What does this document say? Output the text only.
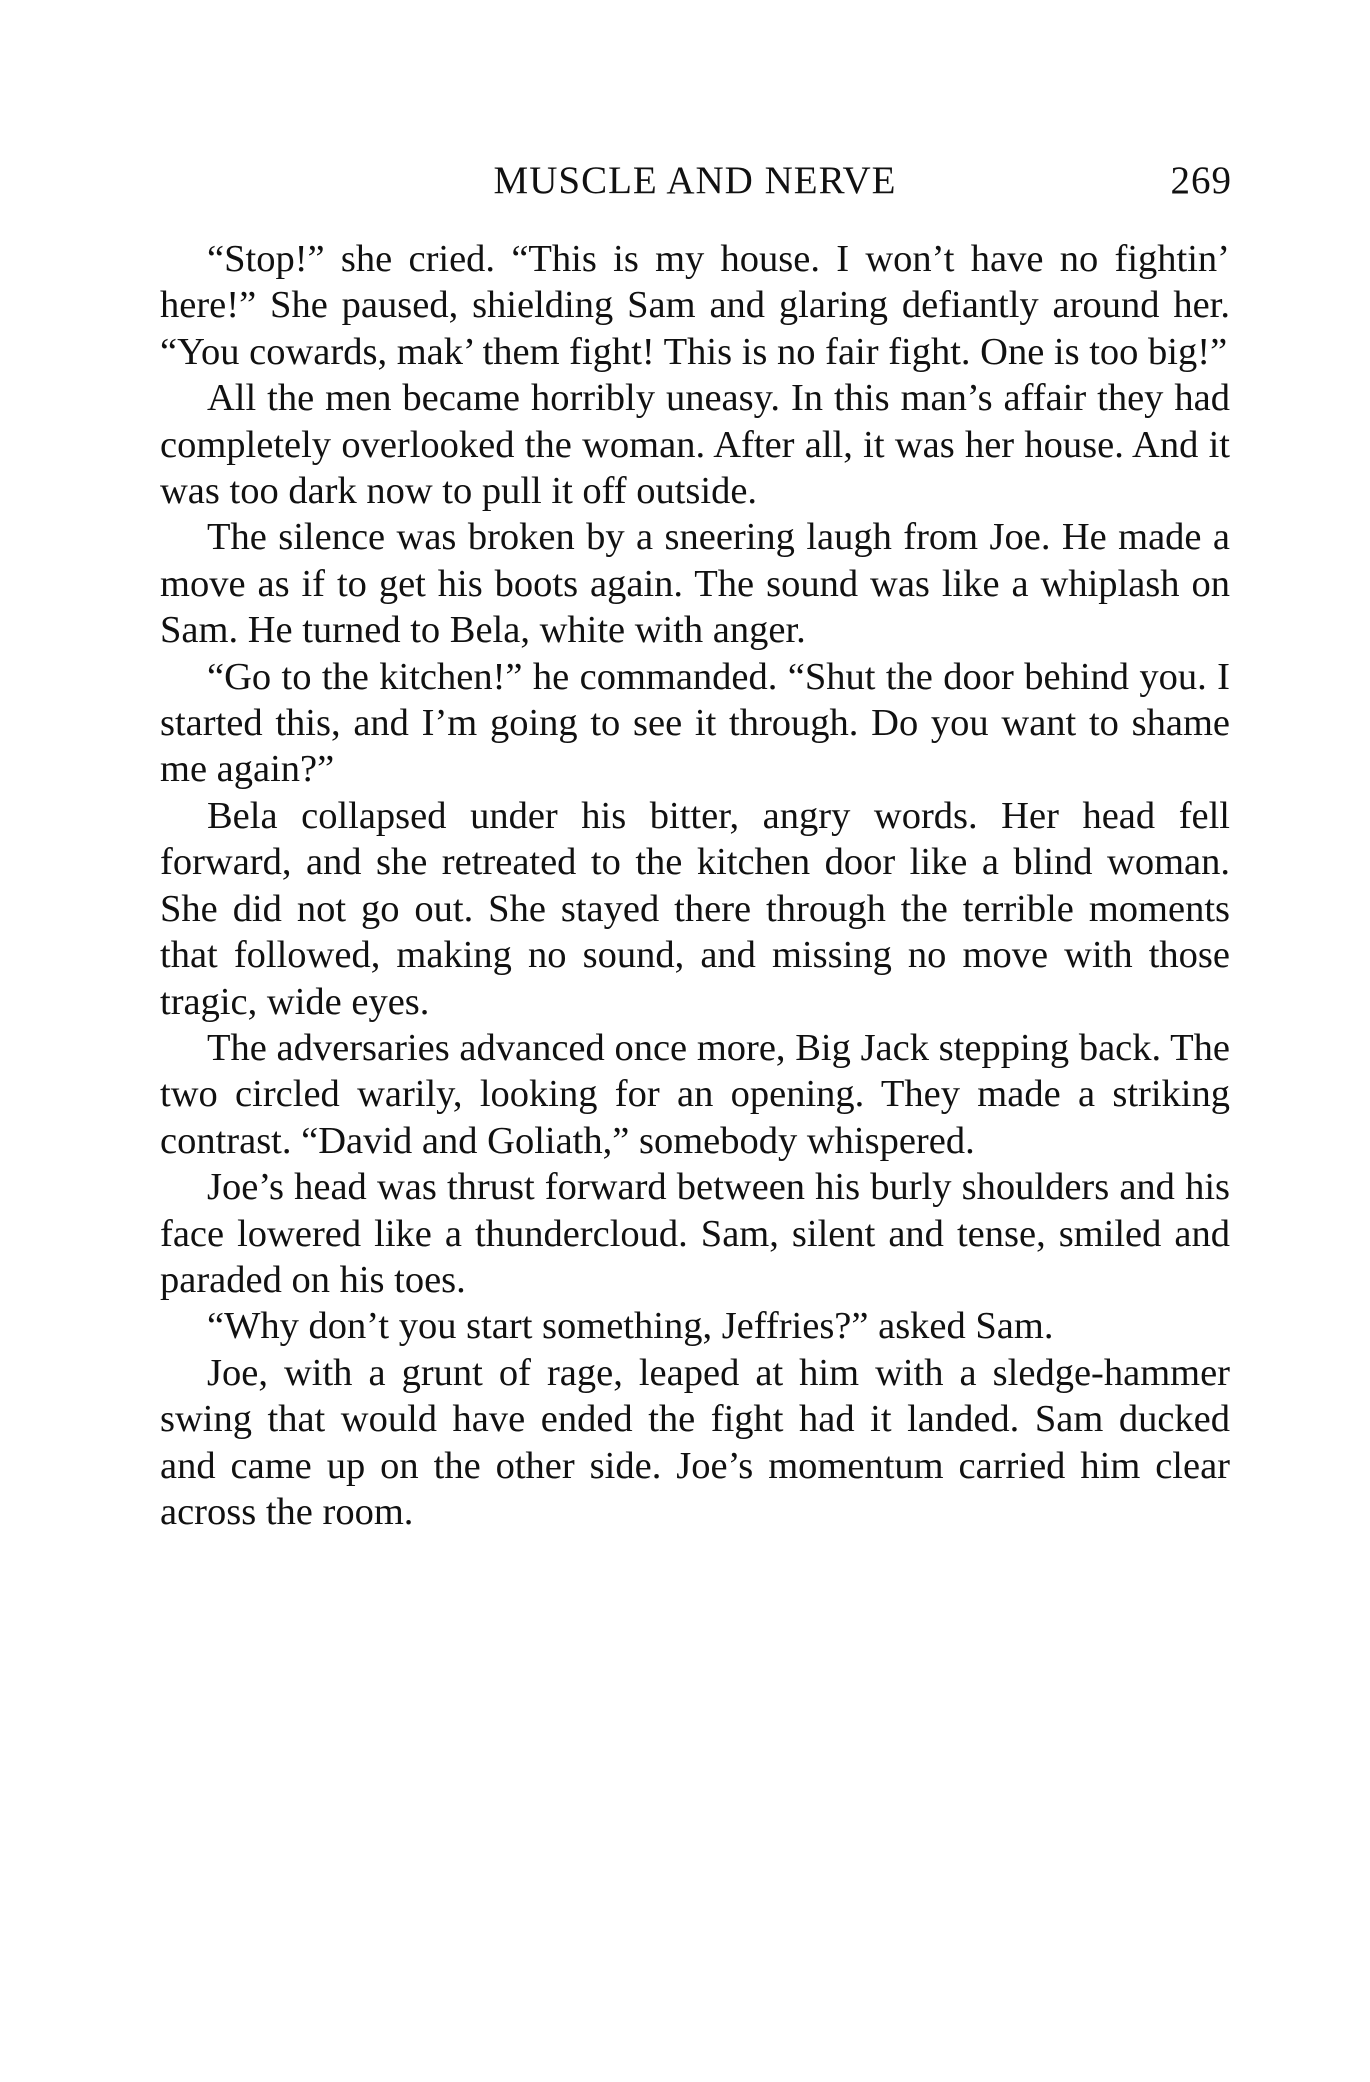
MUSCLE AND NERVE	269

“Stop!” she cried. “This is my house. I won’t have no fightin’ here!” She paused, shielding Sam and glaring defiantly around her. “You cowards, mak’ them fight! This is no fair fight. One is too big!”

All the men became horribly uneasy. In this man’s affair they had completely overlooked the woman. After all, it was her house. And it was too dark now to pull it off outside.

The silence was broken by a sneering laugh from Joe. He made a move as if to get his boots again. The sound was like a whiplash on Sam. He turned to Bela, white with anger.

“Go to the kitchen!” he commanded. “Shut the door behind you. I started this, and I’m going to see it through. Do you want to shame me again?”

Bela collapsed under his bitter, angry words. Her head fell forward, and she retreated to the kitchen door like a blind woman. She did not go out. She stayed there through the terrible moments that followed, making no sound, and missing no move with those tragic, wide eyes.

The adversaries advanced once more, Big Jack stepping back. The two circled warily, looking for an opening. They made a striking contrast. “David and Goliath,” somebody whispered.

Joe’s head was thrust forward between his burly shoulders and his face lowered like a thundercloud. Sam, silent and tense, smiled and paraded on his toes.

“Why don’t you start something, Jeffries?” asked Sam.

Joe, with a grunt of rage, leaped at him with a sledge-hammer swing that would have ended the fight had it landed. Sam ducked and came up on the other side. Joe’s momentum carried him clear across the room.
